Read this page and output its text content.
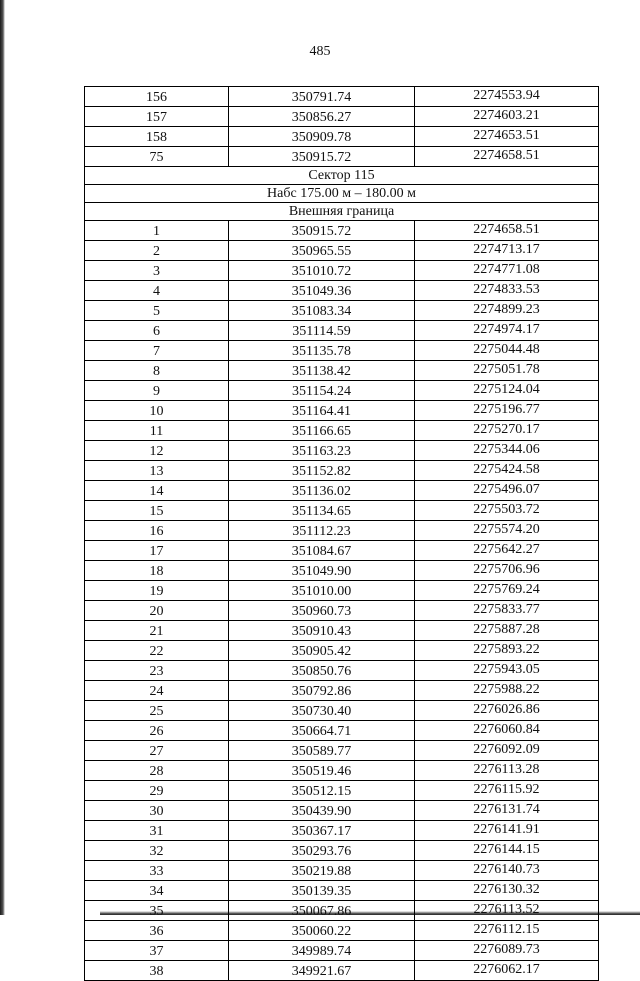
485
156	350791.74	2274553.94
157	350856.27	2274603.21
158	350909.78	2274653.51
75	350915.72	2274658.51
Сектор 115		
Набс 175.00 м – 180.00 м		
Внешняя граница		
1	350915.72	2274658.51
2	350965.55	2274713.17
3	351010.72	2274771.08
4	351049.36	2274833.53
5	351083.34	2274899.23
6	351114.59	2274974.17
7	351135.78	2275044.48
8	351138.42	2275051.78
9	351154.24	2275124.04
10	351164.41	2275196.77
11	351166.65	2275270.17
12	351163.23	2275344.06
13	351152.82	2275424.58
14	351136.02	2275496.07
15	351134.65	2275503.72
16	351112.23	2275574.20
17	351084.67	2275642.27
18	351049.90	2275706.96
19	351010.00	2275769.24
20	350960.73	2275833.77
21	350910.43	2275887.28
22	350905.42	2275893.22
23	350850.76	2275943.05
24	350792.86	2275988.22
25	350730.40	2276026.86
26	350664.71	2276060.84
27	350589.77	2276092.09
28	350519.46	2276113.28
29	350512.15	2276115.92
30	350439.90	2276131.74
31	350367.17	2276141.91
32	350293.76	2276144.15
33	350219.88	2276140.73
34	350139.35	2276130.32
35	350067.86	2276113.52
36	350060.22	2276112.15
37	349989.74	2276089.73
38	349921.67	2276062.17
